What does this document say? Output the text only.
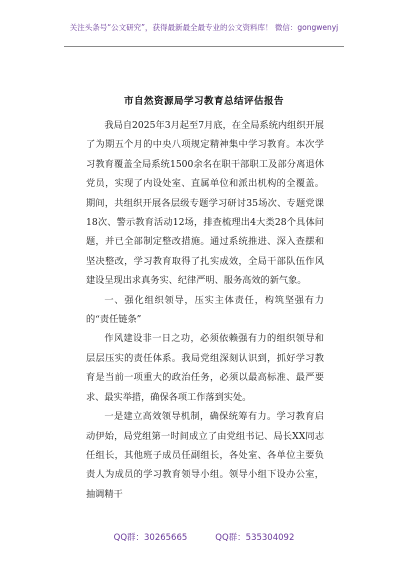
关注头条号“公文研究”，获得最新最全最专业的公文资料库！ 微信：gongwenyj
市自然资源局学习教育总结评估报告

我局自2025年3月起至7月底，在全局系统内组织开展了为期五个月的中央八项规定精神集中学习教育。本次学习教育覆盖全局系统1500余名在职干部职工及部分离退休党员，实现了内设处室、直属单位和派出机构的全覆盖。期间，共组织开展各层级专题学习研讨35场次、专题党课18次、警示教育活动12场，排查梳理出4大类28个具体问题，并已全部制定整改措施。通过系统推进、深入查摆和坚决整改，学习教育取得了扎实成效，全局干部队伍作风建设呈现出求真务实、纪律严明、服务高效的新气象。

一、强化组织领导，压实主体责任，构筑坚强有力的“责任链条”

作风建设非一日之功，必须依赖强有力的组织领导和层层压实的责任体系。我局党组深刻认识到，抓好学习教育是当前一项重大的政治任务，必须以最高标准、最严要求、最实举措，确保各项工作落到实处。

一是建立高效领导机制，确保统筹有力。学习教育启动伊始，局党组第一时间成立了由党组书记、局长XX同志任组长，其他班子成员任副组长，各处室、各单位主要负责人为成员的学习教育领导小组。领导小组下设办公室，抽调精干

QQ群：30265665	QQ群：535304092
